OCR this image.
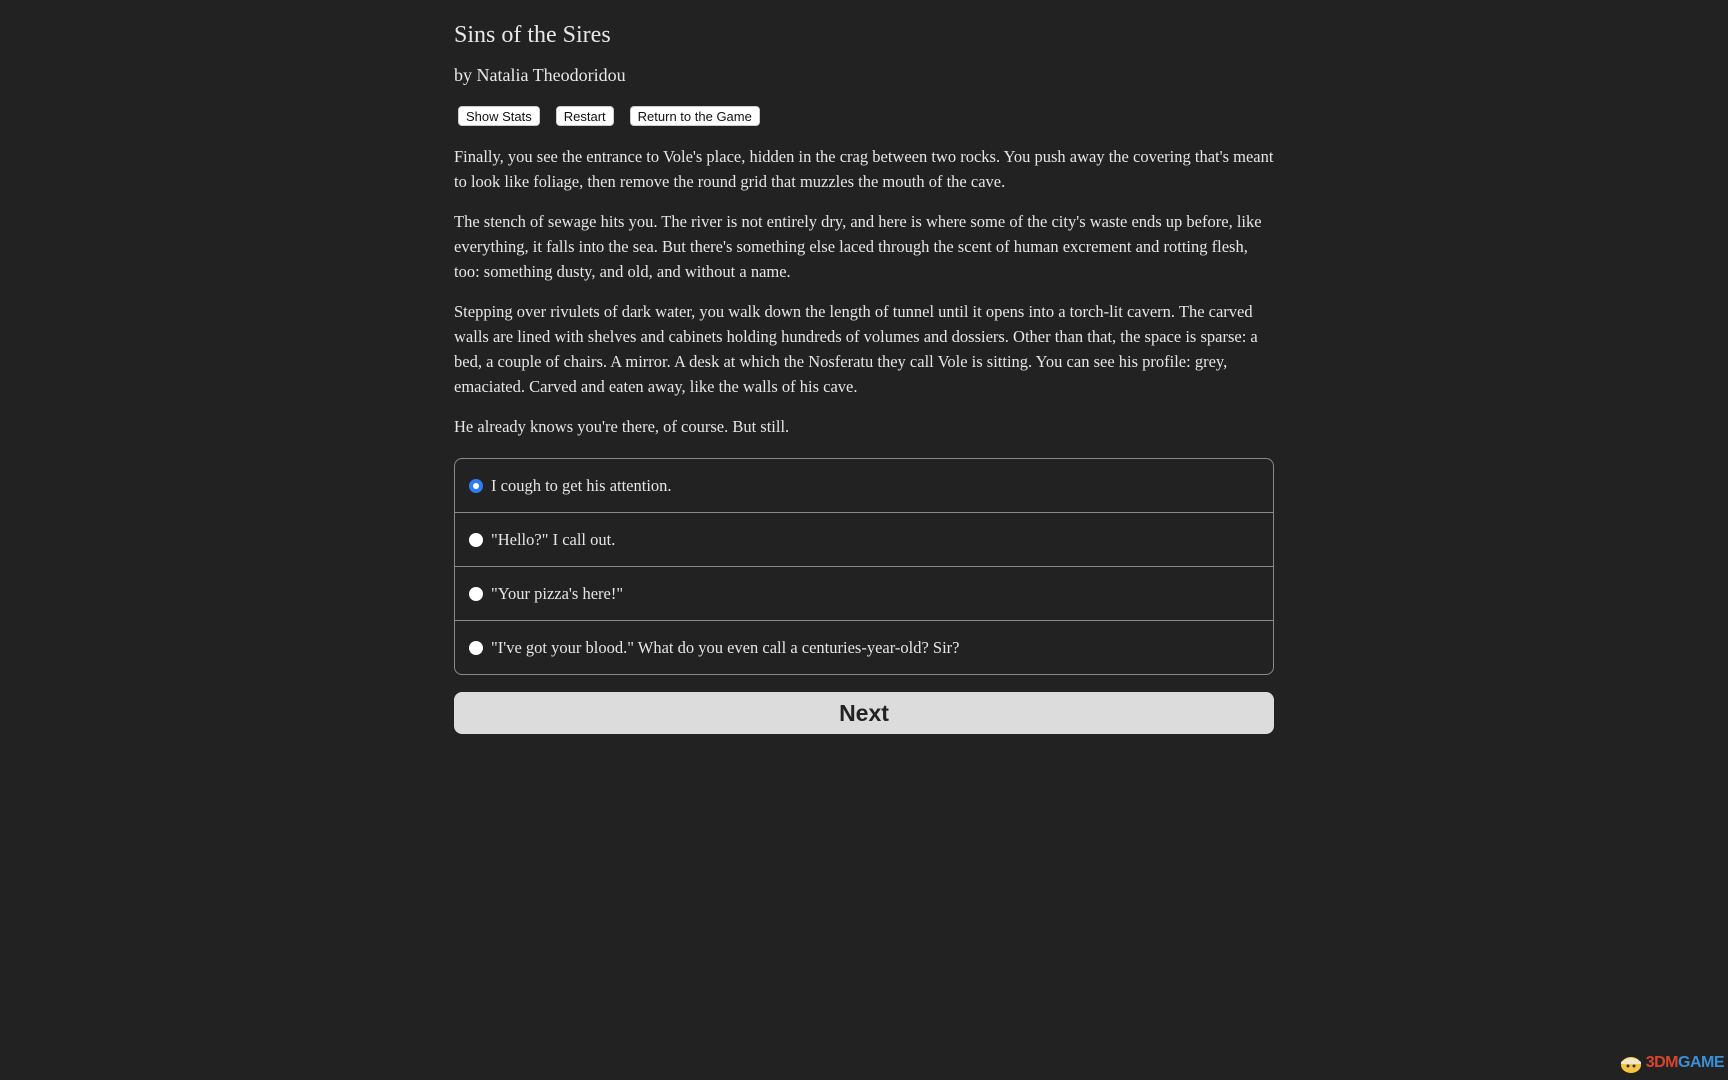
Sins of the Sires
by Natalia Theodoridou
Show Stats	Restart	Return to the Game

Finally, you see the entrance to Vole's place, hidden in the crag between two rocks. You push away the covering that's meant to look like foliage, then remove the round grid that muzzles the mouth of the cave.

The stench of sewage hits you. The river is not entirely dry, and here is where some of the city's waste ends up before, like everything, it falls into the sea. But there's something else laced through the scent of human excrement and rotting flesh, too: something dusty, and old, and without a name.

Stepping over rivulets of dark water, you walk down the length of tunnel until it opens into a torch-lit cavern. The carved walls are lined with shelves and cabinets holding hundreds of volumes and dossiers. Other than that, the space is sparse: a bed, a couple of chairs. A mirror. A desk at which the Nosferatu they call Vole is sitting. You can see his profile: grey, emaciated. Carved and eaten away, like the walls of his cave.

He already knows you're there, of course. But still.

I cough to get his attention.
"Hello?" I call out.
"Your pizza's here!"
"I've got your blood." What do you even call a centuries-year-old? Sir?
Next
3DM GAME
